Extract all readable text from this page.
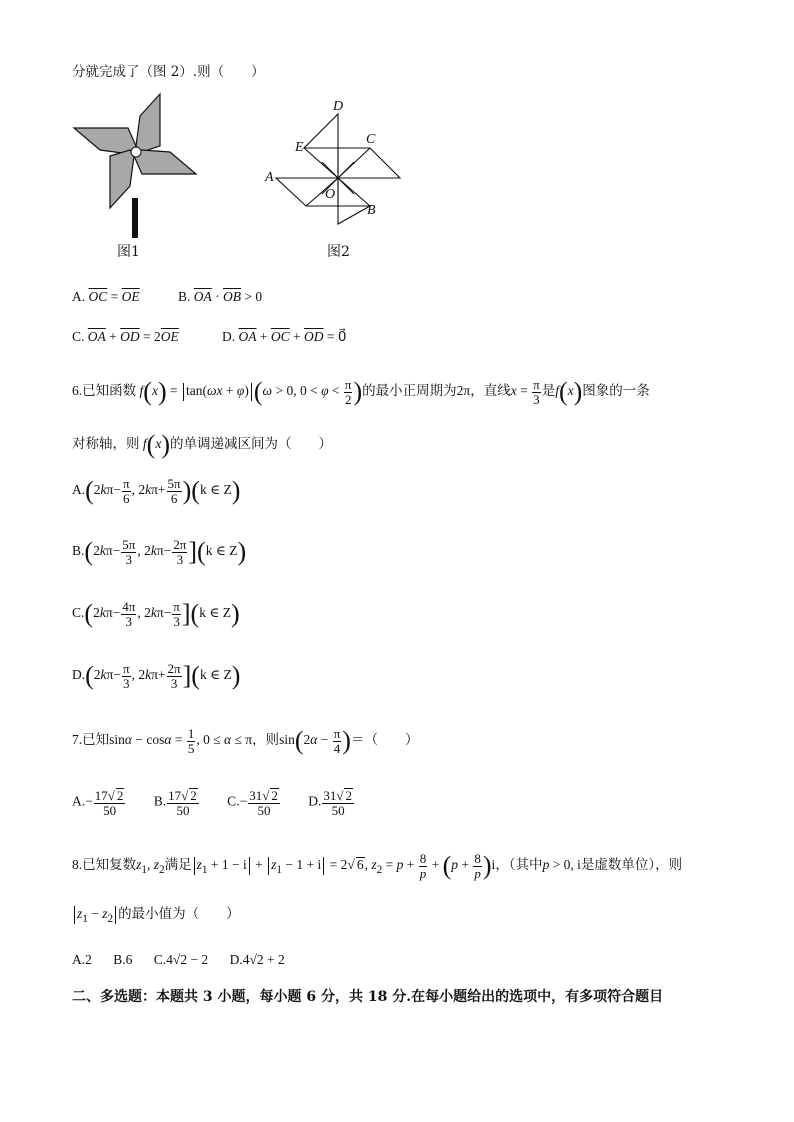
分就完成了（图 2）.则（　　）
图1
D
C
E
A
O
B
图2
A. $\overline{OC} = \overline{OE}$	B. $\overline{OA} \cdot \overline{OB} > 0$
C. $\overline{OA} + \overline{OD} = 2\overline{OE}$	D. $\overline{OA} + \overline{OC} + \overline{OD}$ = 0⃗
6.已知函数 f(x) = tan(ωx + φ) (ω > 0, $0 < \varphi < \frac{\pi}{2}$ )的最小正周期为2π，直线$x = \frac{\pi}{3}$ 是f(x)图象的一条
对称轴，则 f(x)的单调递减区间为（　　）
$A.(2k\pi- \frac{\pi}{6}$ , $2k\pi+ \frac{5\pi}{6} )(k$ ∈ Z)
$B.(2k\pi- \frac{5\pi}{3}$ , $2k\pi- \frac{2\pi}{3} ](k$ ∈ Z)
$C.(2k\pi- \frac{4\pi}{3}$ , $2k\pi- \frac{\pi}{3} ](k$ ∈ Z)
$D.(2k\pi- \frac{\pi}{3}$ , $2k\pi+ \frac{2\pi}{3} ](k$ ∈ Z)
7.已知$\sin\alpha - \cos\alpha = \frac{1}{5}$ , 0 ≤ α ≤ π，则$\sin(2\alpha - \frac{\pi}{4}$ )＝（　　）
$A.- \frac{17√ 2}{50} B$. $\frac{17√ 2}{50} C.- \frac{31√ 2}{50} D$. $\frac{31√ 2}{50}$
8.已知复数$z_1$, $z_2$满足 $z_1 + 1 - i + z_1 - 1 + i = 2√$ 6, $z_2 = p + \frac{8}{p} + (p + \frac{8}{p} )i$，（其中p > 0, i是虚数单位），则
$z_1 - z_2$ 的最小值为（　　）
A.2 B.6 C.4√2 − 2 D.4√2 + 2
二、多选题：本题共 3 小题，每小题 6 分，共 18 分.在每小题给出的选项中，有多项符合题目
